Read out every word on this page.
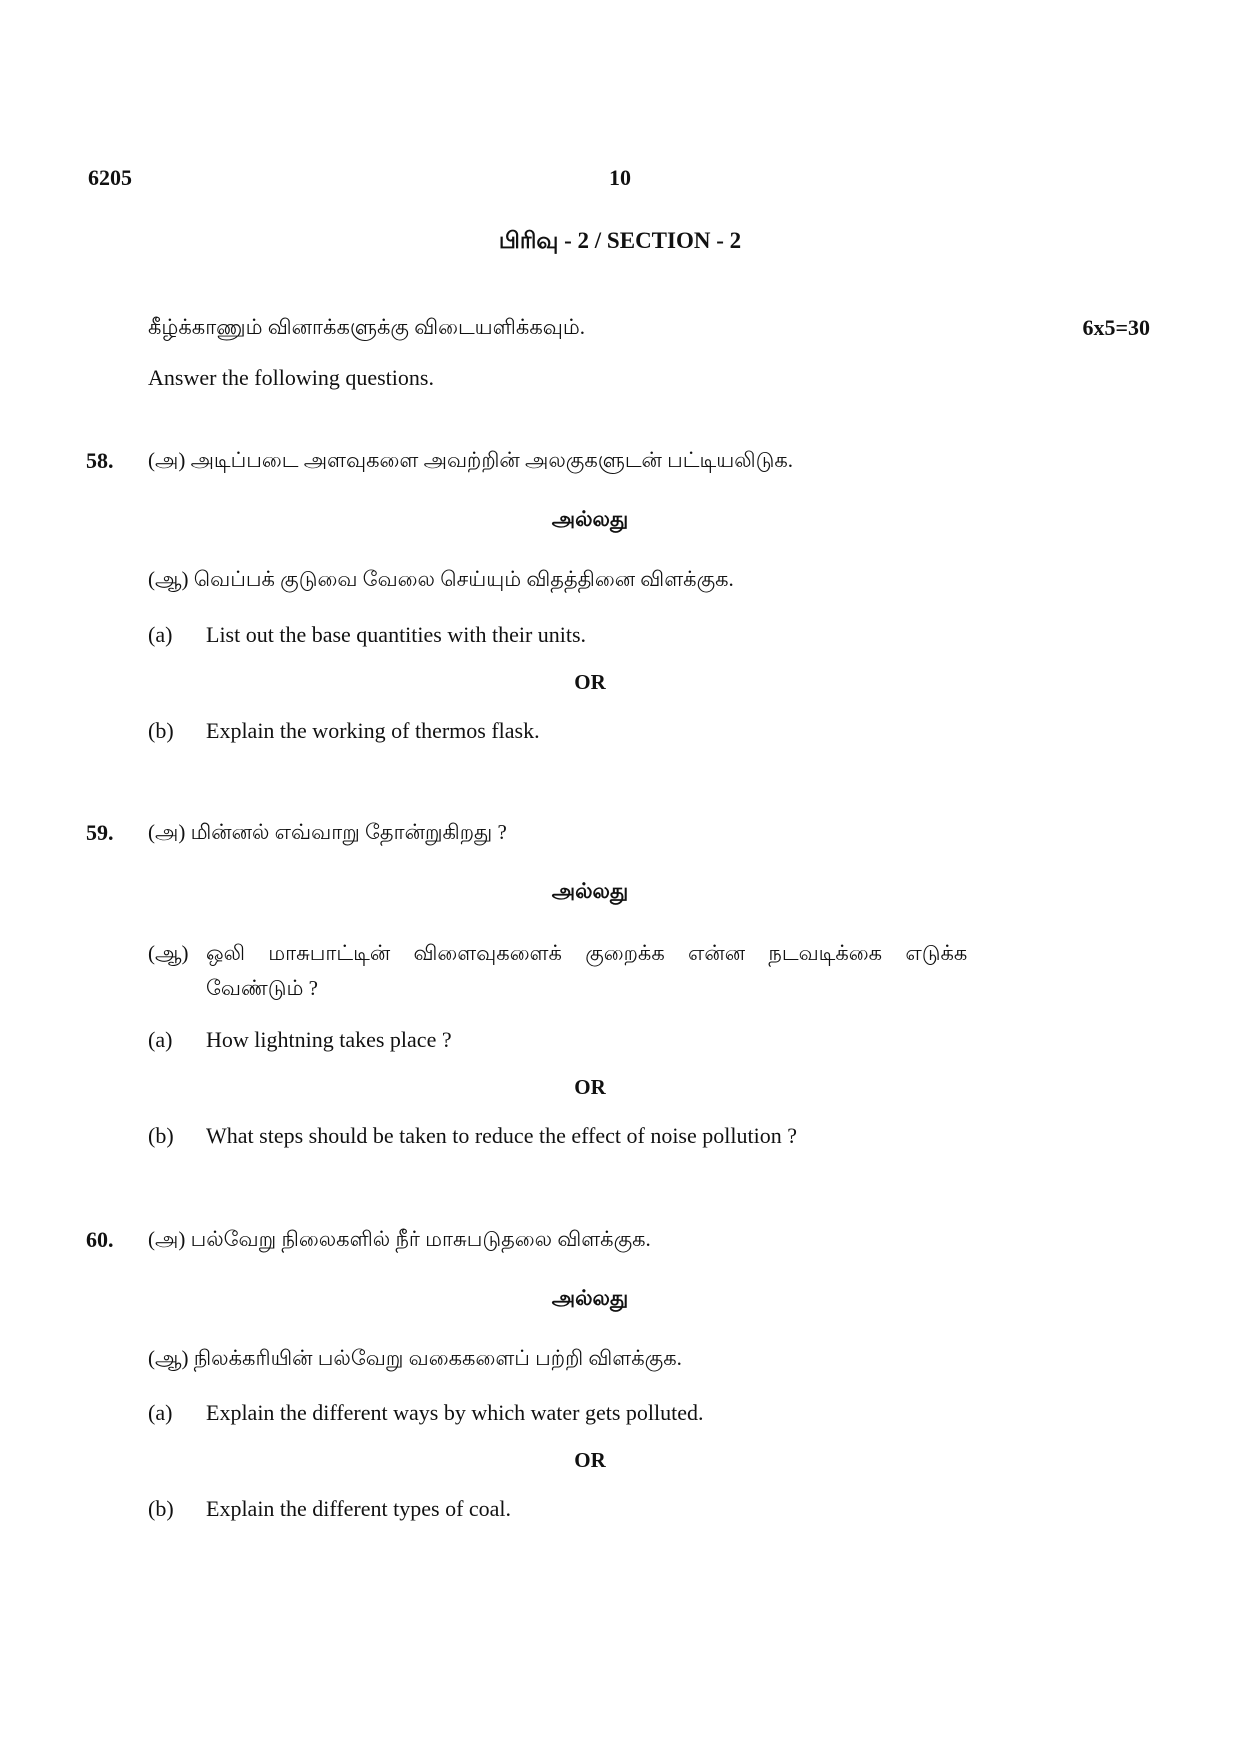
6205	10
பிரிவு - 2 / SECTION - 2
கீழ்க்காணும் வினாக்களுக்கு விடையளிக்கவும்.	6x5=30
Answer the following questions.
58. (அ) அடிப்படை அளவுகளை அவற்றின் அலகுகளுடன் பட்டியலிடுக.
அல்லது
(ஆ) வெப்பக் குடுவை வேலை செய்யும் விதத்தினை விளக்குக.
(a) List out the base quantities with their units.
OR
(b) Explain the working of thermos flask.
59. (அ) மின்னல் எவ்வாறு தோன்றுகிறது ?
அல்லது
(ஆ) ஒலி மாசுபாட்டின் விளைவுகளைக் குறைக்க என்ன நடவடிக்கை எடுக்க
வேண்டும் ?
(a) How lightning takes place ?
OR
(b) What steps should be taken to reduce the effect of noise pollution ?
60. (அ) பல்வேறு நிலைகளில் நீர் மாசுபடுதலை விளக்குக.
அல்லது
(ஆ) நிலக்கரியின் பல்வேறு வகைகளைப் பற்றி விளக்குக.
(a) Explain the different ways by which water gets polluted.
OR
(b) Explain the different types of coal.
